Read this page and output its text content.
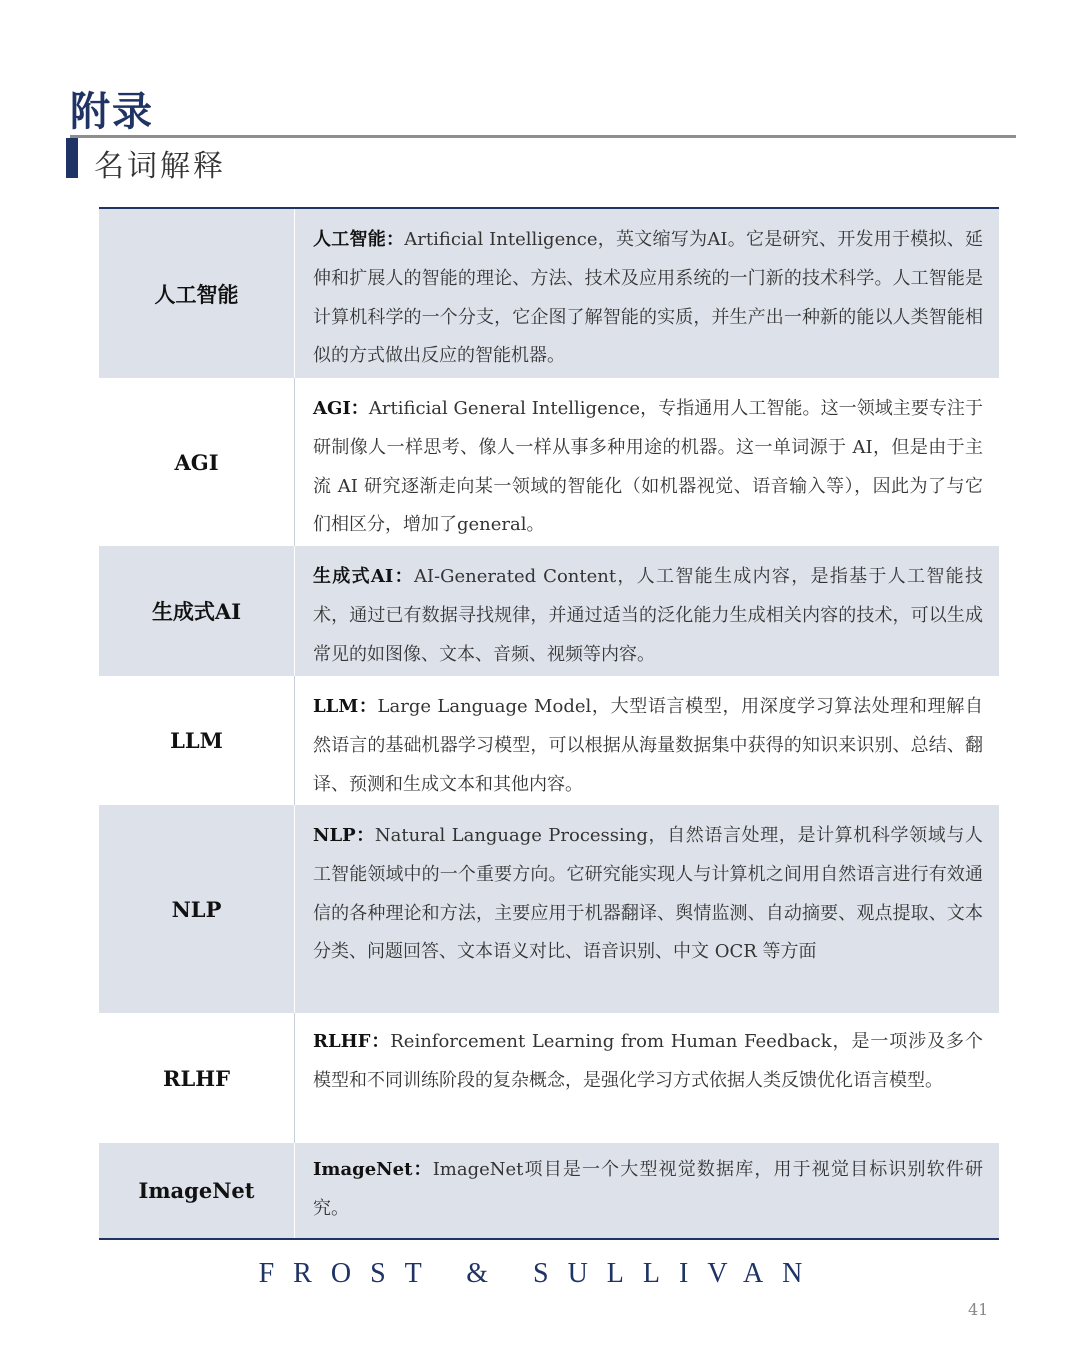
附录
名词解释
人工智能
人工智能：Artificial Intelligence，英文缩写为AI。它是研究、开发用于模拟、延伸和扩展人的智能的理论、方法、技术及应用系统的一门新的技术科学。人工智能是计算机科学的一个分支，它企图了解智能的实质，并生产出一种新的能以人类智能相似的方式做出反应的智能机器。
AGI
AGI：Artificial General Intelligence，专指通用人工智能。这一领域主要专注于研制像人一样思考、像人一样从事多种用途的机器。这一单词源于 AI，但是由于主流 AI 研究逐渐走向某一领域的智能化（如机器视觉、语音输入等），因此为了与它们相区分，增加了general。
生成式AI
生成式AI：AI-Generated Content，人工智能生成内容，是指基于人工智能技术，通过已有数据寻找规律，并通过适当的泛化能力生成相关内容的技术，可以生成常见的如图像、文本、音频、视频等内容。
LLM
LLM：Large Language Model，大型语言模型，用深度学习算法处理和理解自然语言的基础机器学习模型，可以根据从海量数据集中获得的知识来识别、总结、翻译、预测和生成文本和其他内容。
NLP
NLP：Natural Language Processing，自然语言处理，是计算机科学领域与人工智能领域中的一个重要方向。它研究能实现人与计算机之间用自然语言进行有效通信的各种理论和方法，主要应用于机器翻译、舆情监测、自动摘要、观点提取、文本分类、问题回答、文本语义对比、语音识别、中文 OCR 等方面
RLHF
RLHF：Reinforcement Learning from Human Feedback，是一项涉及多个模型和不同训练阶段的复杂概念，是强化学习方式依据人类反馈优化语言模型。
ImageNet
ImageNet：ImageNet项目是一个大型视觉数据库，用于视觉目标识别软件研究。
FROST & SULLIVAN
41
